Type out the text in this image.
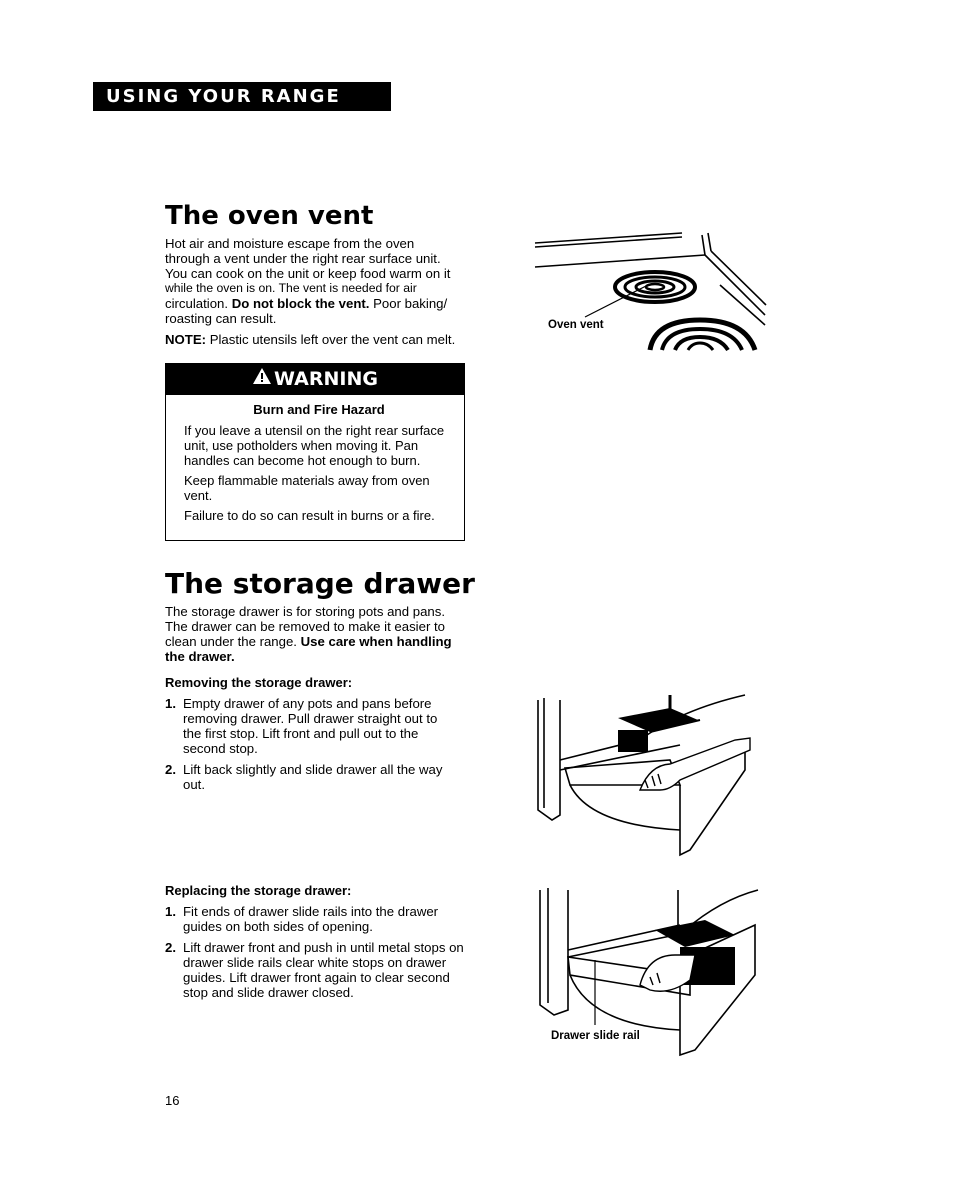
USING YOUR RANGE
The oven vent
Hot air and moisture escape from the oven
through a vent under the right rear surface unit.
You can cook on the unit or keep food warm on it
while the oven is on. The vent is needed for air
circulation. Do not block the vent. Poor baking/
roasting can result.
NOTE: Plastic utensils left over the vent can melt.
Oven vent
WARNING

Burn and Fire Hazard

If you leave a utensil on the right rear surface unit, use potholders when moving it. Pan handles can become hot enough to burn.

Keep flammable materials away from oven vent.

Failure to do so can result in burns or a fire.

The storage drawer
The storage drawer is for storing pots and pans. The drawer can be removed to make it easier to clean under the range. Use care when handling the drawer.

Removing the storage drawer:

1. Empty drawer of any pots and pans before removing drawer. Pull drawer straight out to the first stop. Lift front and pull out to the second stop.
2. Lift back slightly and slide drawer all the way out.

Replacing the storage drawer:

1. Fit ends of drawer slide rails into the drawer guides on both sides of opening.
2. Lift drawer front and push in until metal stops on drawer slide rails clear white stops on drawer guides. Lift drawer front again to clear second stop and slide drawer closed.
Drawer slide rail
16
